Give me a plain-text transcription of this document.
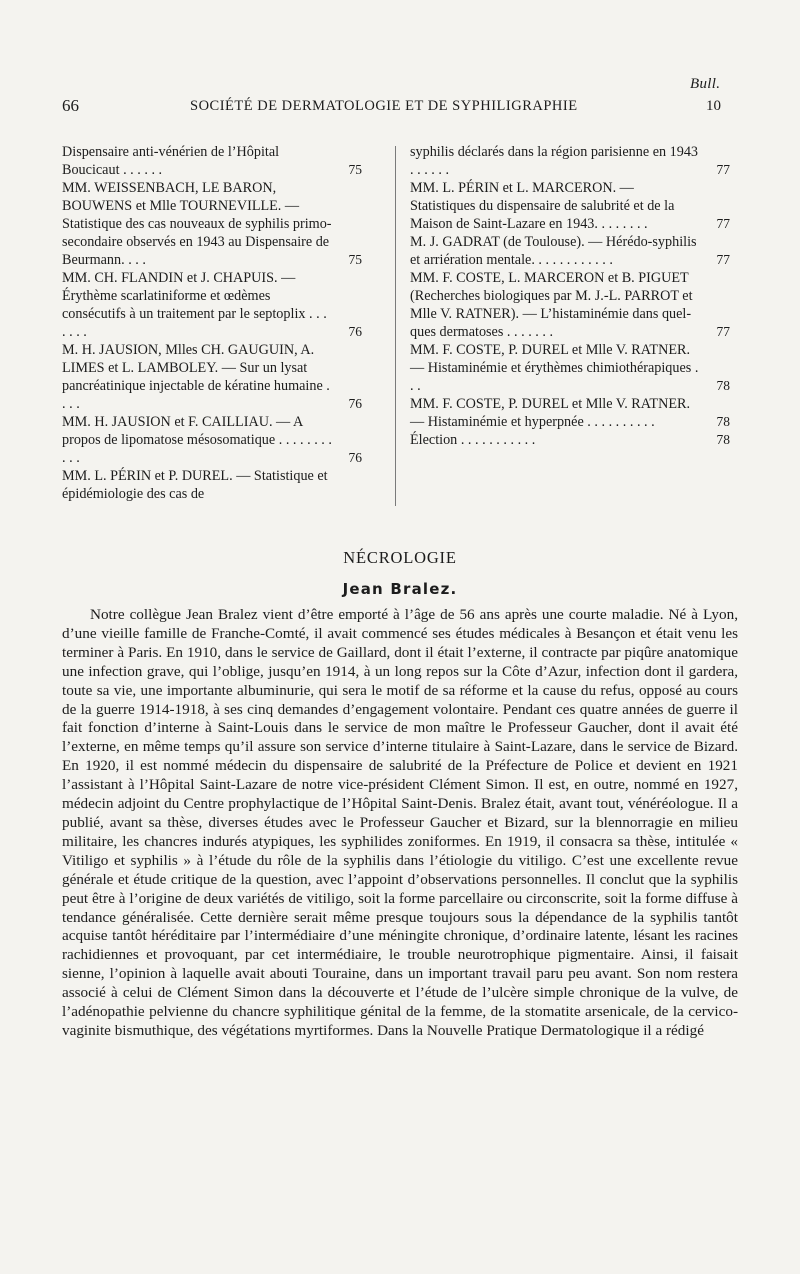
Bull.
66	SOCIÉTÉ DE DERMATOLOGIE ET DE SYPHILIGRAPHIE	10
Dispensaire anti-vénérien de l’Hôpital Boucicaut . . . . . .	75
MM. WEISSENBACH, LE BARON, BOUWENS et Mlle TOURNEVILLE. — Statistique des cas nouveaux de syphilis primo-secondaire observés en 1943 au Dispensaire de Beurmann. . . .	75
MM. CH. FLANDIN et J. CHAPUIS. — Érythème scarlatiniforme et œdèmes consécutifs à un traitement par le septoplix . . . . . . .	76
M. H. JAUSION, Mlles CH. GAUGUIN, A. LIMES et L. LAMBOLEY. — Sur un lysat pancréatinique injectable de kératine humaine . . . .	76
MM. H. JAUSION et F. CAILLIAU. — A propos de lipomatose mésosomatique . . . . . . . . . . .	76
MM. L. PÉRIN et P. DUREL. — Statistique et épidémiologie des cas de
syphilis déclarés dans la région parisienne en 1943 . . . . . .	77
MM. L. PÉRIN et L. MARCERON. — Statistiques du dispensaire de salubrité et de la Maison de Saint-Lazare en 1943. . . . . . . .	77
M. J. GADRAT (de Toulouse). — Hérédo-syphilis et arriération mentale. . . . . . . . . . . .	77
MM. F. COSTE, L. MARCERON et B. PIGUET (Recherches biologiques par M. J.-L. PARROT et Mlle V. RATNER). — L’histaminémie dans quelques dermatoses . . . . . . .	77
MM. F. COSTE, P. DUREL et Mlle V. RATNER. — Histaminémie et érythèmes chimiothérapiques . . .	78
MM. F. COSTE, P. DUREL et Mlle V. RATNER. — Histaminémie et hyperpnée . . . . . . . . . .	78
Élection . . . . . . . . . . .	78
NÉCROLOGIE
Jean Bralez.

Notre collègue Jean Bralez vient d’être emporté à l’âge de 56 ans après une courte maladie. Né à Lyon, d’une vieille famille de Franche-Comté, il avait commencé ses études médicales à Besançon et était venu les terminer à Paris. En 1910, dans le service de Gaillard, dont il était l’externe, il contracte par piqûre anatomique une infection grave, qui l’oblige, jusqu’en 1914, à un long repos sur la Côte d’Azur, infection dont il gardera, toute sa vie, une importante albuminurie, qui sera le motif de sa réforme et la cause du refus, opposé au cours de la guerre 1914-1918, à ses cinq demandes d’engagement volontaire. Pendant ces quatre années de guerre il fait fonction d’interne à Saint-Louis dans le service de mon maître le Professeur Gaucher, dont il avait été l’externe, en même temps qu’il assure son service d’interne titulaire à Saint-Lazare, dans le service de Bizard. En 1920, il est nommé médecin du dispensaire de salubrité de la Préfecture de Police et devient en 1921 l’assistant à l’Hôpital Saint-Lazare de notre vice-président Clément Simon. Il est, en outre, nommé en 1927, médecin adjoint du Centre prophylactique de l’Hôpital Saint-Denis. Bralez était, avant tout, vénéréologue. Il a publié, avant sa thèse, diverses études avec le Professeur Gaucher et Bizard, sur la blennorragie en milieu militaire, les chancres indurés atypiques, les syphilides zoniformes. En 1919, il consacra sa thèse, intitulée « Vitiligo et syphilis » à l’étude du rôle de la syphilis dans l’étiologie du vitiligo. C’est une excellente revue générale et étude critique de la question, avec l’appoint d’observations personnelles. Il conclut que la syphilis peut être à l’origine de deux variétés de vitiligo, soit la forme parcellaire ou circonscrite, soit la forme diffuse à tendance généralisée. Cette dernière serait même presque toujours sous la dépendance de la syphilis tantôt acquise tantôt héréditaire par l’intermédiaire d’une méningite chronique, d’ordinaire latente, lésant les racines rachidiennes et provoquant, par cet intermédiaire, le trouble neurotrophique pigmentaire. Ainsi, il faisait sienne, l’opinion à laquelle avait abouti Touraine, dans un important travail paru peu avant. Son nom restera associé à celui de Clément Simon dans la découverte et l’étude de l’ulcère simple chronique de la vulve, de l’adénopathie pelvienne du chancre syphilitique génital de la femme, de la stomatite arsenicale, de la cervico-vaginite bismuthique, des végétations myrtiformes. Dans la Nouvelle Pratique Dermatologique il a rédigé
